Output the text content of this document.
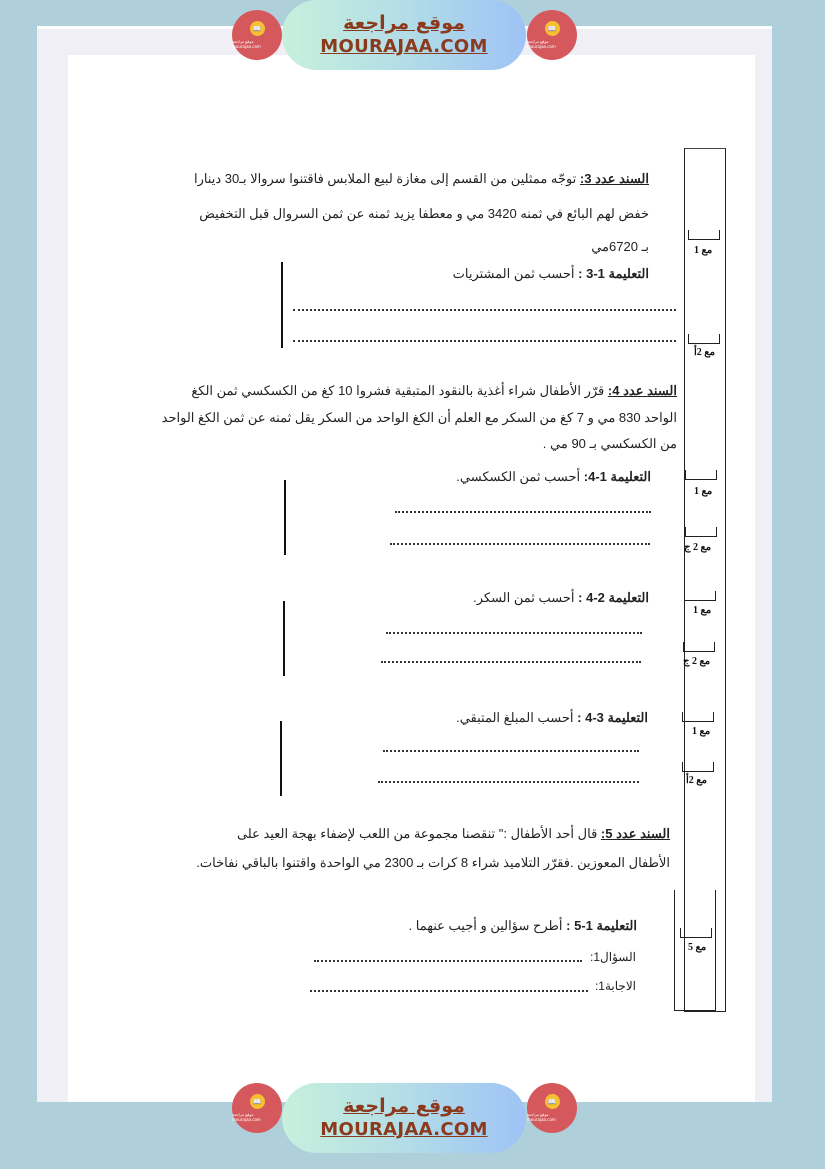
📖
موقع مراجعة mourajaa.com
موقع مراجعة
MOURAJAA.COM
📖
موقع مراجعة mourajaa.com
مع 1
مع 2أ
مع 1
مع 2 ج
مع 1
مع 2 ج
مع 1
مع 2أ
مع 5
السند عدد 3: توجّه ممثلين من القسم إلى مغازة لبيع الملابس فاقتنوا سروالا بـ30 دينارا
خفض لهم البائع في ثمنه 3420 مي و معطفا يزيد ثمنه عن ثمن السروال قبل التخفيض
بـ 6720مي
التعليمة 1-3 : أحسب ثمن المشتريات
السند عدد 4: قرّر الأطفال شراء أغذية بالنقود المتبقية فشروا 10 كغ من الكسكسي ثمن الكغ
الواحد 830 مي و 7 كغ من السكر مع العلم أن الكغ الواحد من السكر يقل ثمنه عن ثمن الكغ الواحد
من الكسكسي بـ 90 مي .
التعليمة 1-4: أحسب ثمن الكسكسي.
التعليمة 2-4 : أحسب ثمن السكر.
التعليمة 3-4 : أحسب المبلغ المتبقي.
السند عدد 5: قال أحد الأطفال :" تنقصنا مجموعة من اللعب لإضفاء بهجة العيد على
الأطفال المعوزين .فقرّر التلاميذ شراء 8 كرات بـ 2300 مي الواحدة واقتنوا بالباقي نفاخات.
التعليمة 1-5 : أطرح سؤالين و أجيب عنهما .
السؤال1:
الاجابة1:
📖
موقع مراجعة mourajaa.com
موقع مراجعة
MOURAJAA.COM
📖
موقع مراجعة mourajaa.com
